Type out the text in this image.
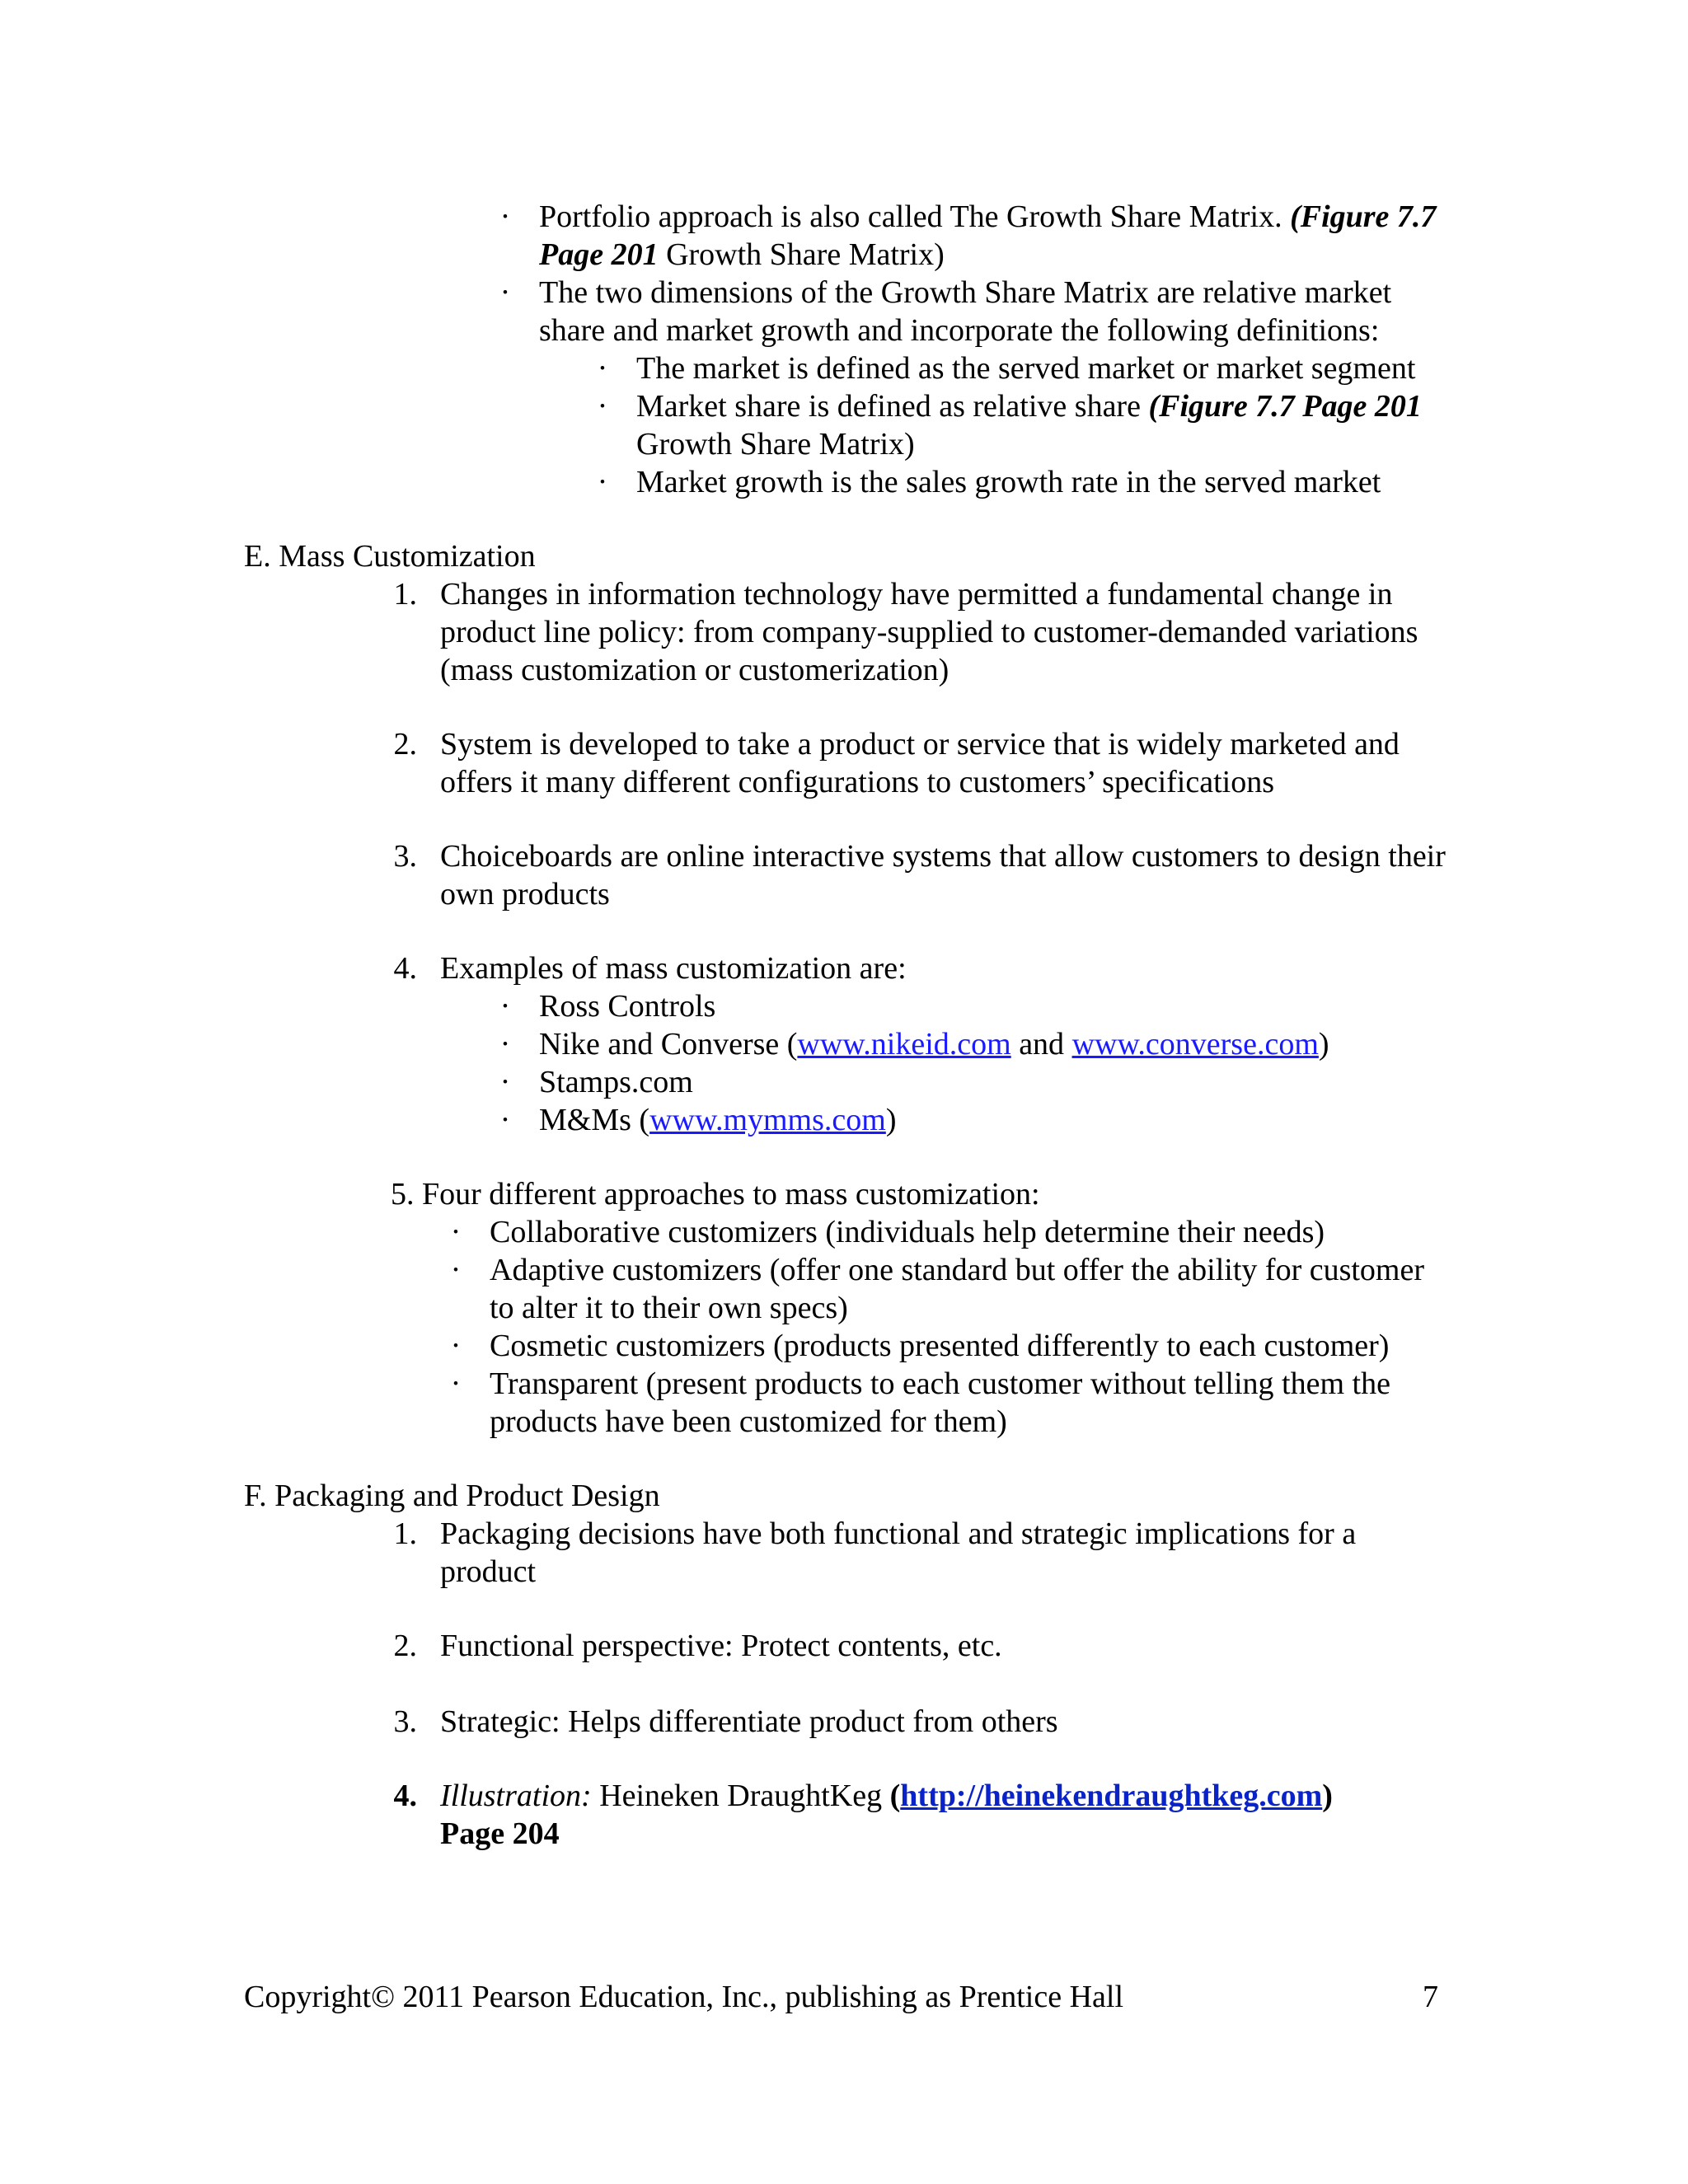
· Portfolio approach is also called The Growth Share Matrix. (Figure 7.7
Page 201 Growth Share Matrix)
· The two dimensions of the Growth Share Matrix are relative market
share and market growth and incorporate the following definitions:
· The market is defined as the served market or market segment
· Market share is defined as relative share (Figure 7.7 Page 201
Growth Share Matrix)
· Market growth is the sales growth rate in the served market
E. Mass Customization
1. Changes in information technology have permitted a fundamental change in
product line policy: from company-supplied to customer-demanded variations
(mass customization or customerization)
2. System is developed to take a product or service that is widely marketed and
offers it many different configurations to customers’ specifications
3. Choiceboards are online interactive systems that allow customers to design their
own products
4. Examples of mass customization are:
· Ross Controls
· Nike and Converse (www.nikeid.com and www.converse.com)
· Stamps.com
· M&Ms (www.mymms.com)
5. Four different approaches to mass customization:
· Collaborative customizers (individuals help determine their needs)
· Adaptive customizers (offer one standard but offer the ability for customer
to alter it to their own specs)
· Cosmetic customizers (products presented differently to each customer)
· Transparent (present products to each customer without telling them the
products have been customized for them)
F. Packaging and Product Design
1. Packaging decisions have both functional and strategic implications for a
product
2. Functional perspective: Protect contents, etc.
3. Strategic: Helps differentiate product from others
4. Illustration: Heineken DraughtKeg (http://heinekendraughtkeg.com)
Page 204
Copyright© 2011 Pearson Education, Inc., publishing as Prentice Hall	7
